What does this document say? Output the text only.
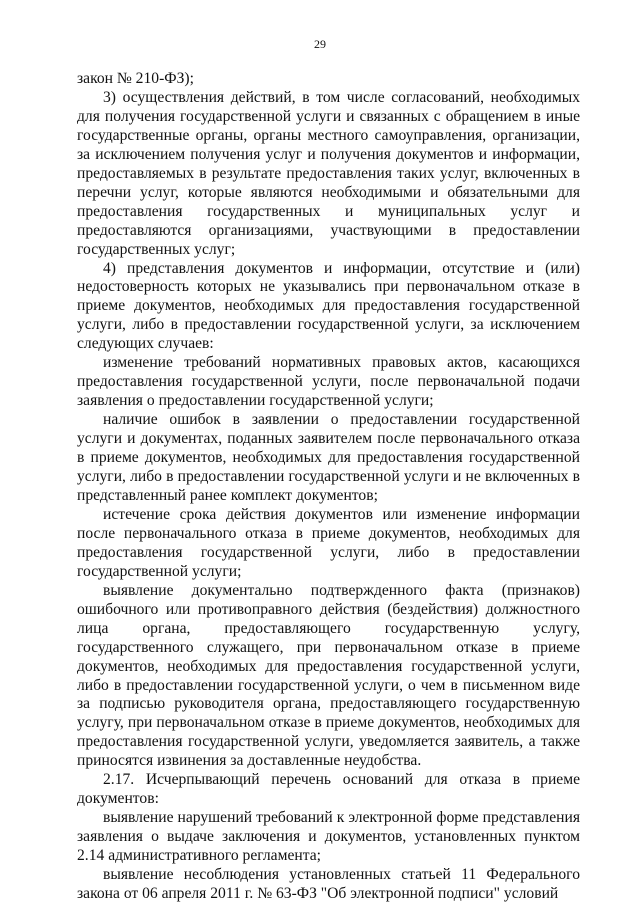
29

закон № 210-ФЗ);

3) осуществления действий, в том числе согласований, необходимых для получения государственной услуги и связанных с обращением в иные государственные органы, органы местного самоуправления, организации, за исключением получения услуг и получения документов и информации, предоставляемых в результате предоставления таких услуг, включенных в перечни услуг, которые являются необходимыми и обязательными для предоставления государственных и муниципальных услуг и предоставляются организациями, участвующими в предоставлении государственных услуг;

4) представления документов и информации, отсутствие и (или) недостоверность которых не указывались при первоначальном отказе в приеме документов, необходимых для предоставления государственной услуги, либо в предоставлении государственной услуги, за исключением следующих случаев:

изменение требований нормативных правовых актов, касающихся предоставления государственной услуги, после первоначальной подачи заявления о предоставлении государственной услуги;

наличие ошибок в заявлении о предоставлении государственной услуги и документах, поданных заявителем после первоначального отказа в приеме документов, необходимых для предоставления государственной услуги, либо в предоставлении государственной услуги и не включенных в представленный ранее комплект документов;

истечение срока действия документов или изменение информации после первоначального отказа в приеме документов, необходимых для предоставления государственной услуги, либо в предоставлении государственной услуги;

выявление документально подтвержденного факта (признаков) ошибочного или противоправного действия (бездействия) должностного лица органа, предоставляющего государственную услугу, государственного служащего, при первоначальном отказе в приеме документов, необходимых для предоставления государственной услуги, либо в предоставлении государственной услуги, о чем в письменном виде за подписью руководителя органа, предоставляющего государственную услугу, при первоначальном отказе в приеме документов, необходимых для предоставления государственной услуги, уведомляется заявитель, а также приносятся извинения за доставленные неудобства.

2.17. Исчерпывающий перечень оснований для отказа в приеме документов:

выявление нарушений требований к электронной форме представления заявления о выдаче заключения и документов, установленных пунктом 2.14 административного регламента;

выявление несоблюдения установленных статьей 11 Федерального закона от 06 апреля 2011 г. № 63-ФЗ "Об электронной подписи" условий
